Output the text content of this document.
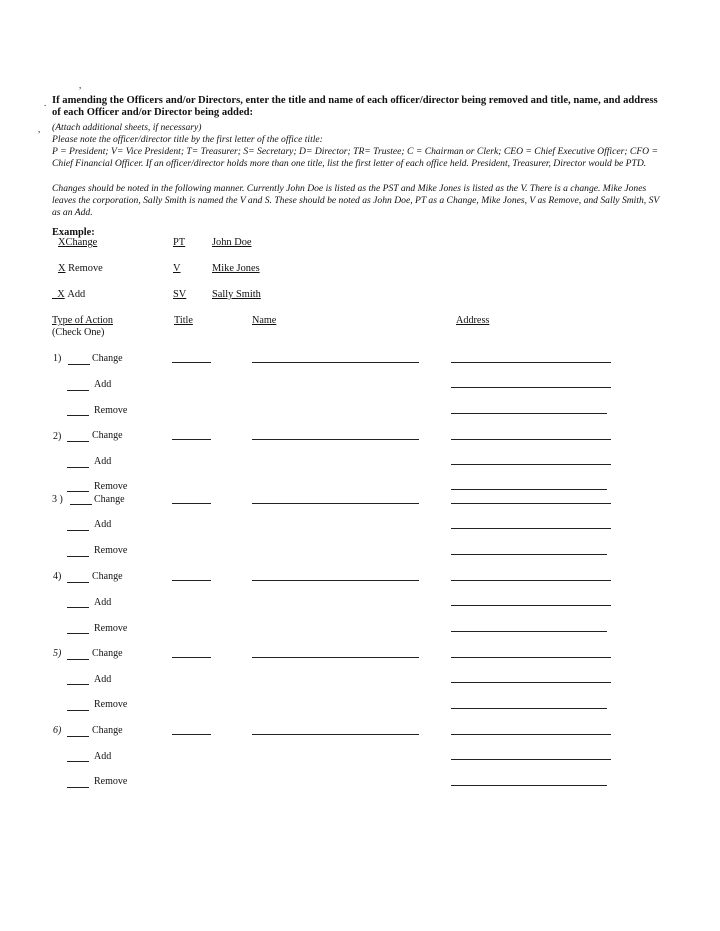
,
.
,
If amending the Officers and/or Directors, enter the title and name of each officer/director being removed and title, name, and address of each Officer and/or Director being added:
(Attach additional sheets, if necessary)
Please note the officer/director title by the first letter of the office title:
P = President; V= Vice President; T= Treasurer; S= Secretary; D= Director; TR= Trustee; C = Chairman or Clerk; CEO = Chief Executive Officer; CFO = Chief Financial Officer. If an officer/director holds more than one title, list the first letter of each office held. President, Treasurer, Director would be PTD.
Changes should be noted in the following manner. Currently John Doe is listed as the PST and Mike Jones is listed as the V. There is a change. Mike Jones leaves the corporation, Sally Smith is named the V and S. These should be noted as John Doe, PT as a Change, Mike Jones, V as Remove, and Sally Smith, SV as an Add.
Example:
XChange	PT	John Doe
X Remove	V	Mike Jones
_X Add	SV Sally Smith
Type of Action
(Check One)
Title	Name	Address
1)	Change
Add
Remove
2)	Change
Add
Remove
3 )	Change
Add
Remove
4)	Change
Add
Remove
5)	Change
Add
Remove
6)	Change
Add
Remove
